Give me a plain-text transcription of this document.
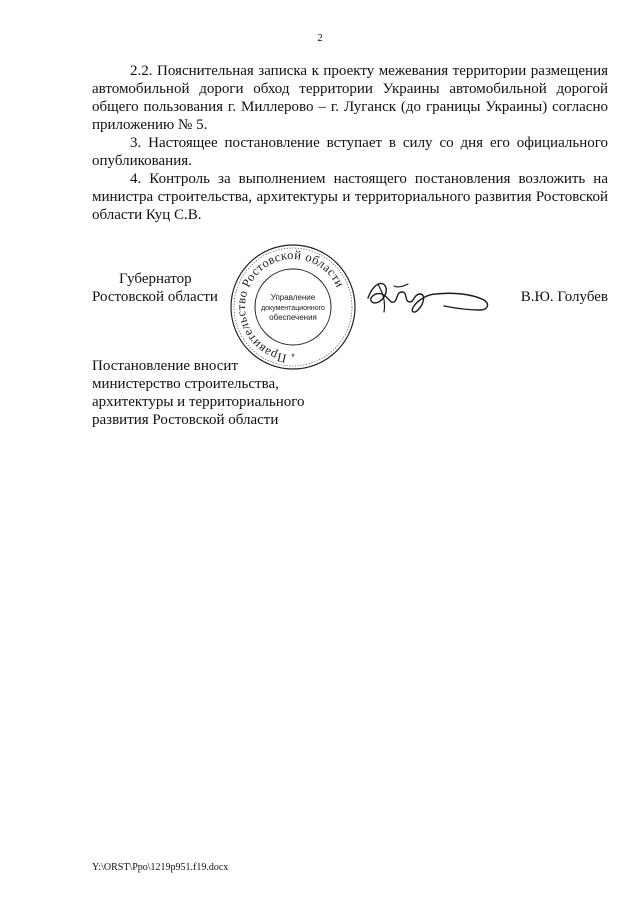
2

2.2. Пояснительная записка к проекту межевания территории размещения автомобильной дороги обход территории Украины автомобильной дорогой общего пользования г. Миллерово – г. Луганск (до границы Украины) согласно приложению № 5.

3. Настоящее постановление вступает в силу со дня его официального опубликования.

4. Контроль за выполнением настоящего постановления возложить на министра строительства, архитектуры и территориального развития Ростовской области Куц С.В.

Губернатор
Ростовской области	В.Ю. Голубев
Правительство Ростовской области
Управление
документационного
обеспечения
*
Постановление вносит
министерство строительства,
архитектуры и территориального
развития Ростовской области
Y:\ORST\Ppo\1219p951.f19.docx
